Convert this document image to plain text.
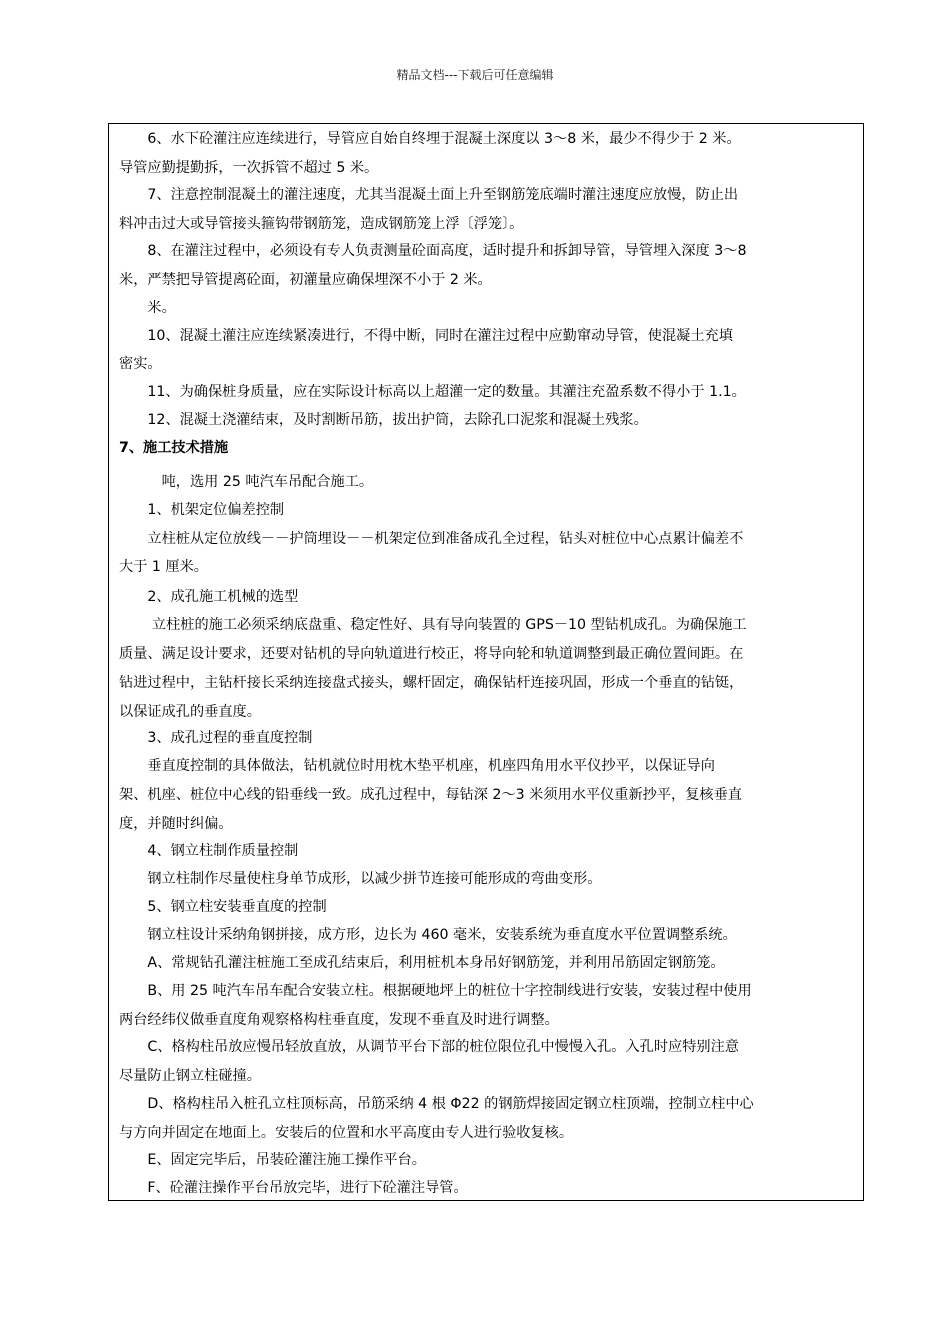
精品文档---下载后可任意编辑
　　6、水下砼灌注应连续进行，导管应自始自终埋于混凝土深度以 3～8 米，最少不得少于 2 米。
导管应勤提勤拆，一次拆管不超过 5 米。
　　7、注意控制混凝土的灌注速度，尤其当混凝土面上升至钢筋笼底端时灌注速度应放慢，防止出
料冲击过大或导管接头箍钩带钢筋笼，造成钢筋笼上浮〔浮笼〕。
　　8、在灌注过程中，必须设有专人负责测量砼面高度，适时提升和拆卸导管，导管埋入深度 3～8
米，严禁把导管提离砼面，初灌量应确保埋深不小于 2 米。
　　米。
　　10、混凝土灌注应连续紧凑进行，不得中断，同时在灌注过程中应勤窜动导管，使混凝土充填
密实。
　　11、为确保桩身质量，应在实际设计标高以上超灌一定的数量。其灌注充盈系数不得小于 1.1。
　　12、混凝土浇灌结束，及时割断吊筋，拔出护筒，去除孔口泥浆和混凝土残浆。
7、施工技术措施
　　　吨，选用 25 吨汽车吊配合施工。
　　1、机架定位偏差控制
　　立柱桩从定位放线－－护筒埋设－－机架定位到准备成孔全过程，钻头对桩位中心点累计偏差不
大于 1 厘米。
　　2、成孔施工机械的选型
　　 立柱桩的施工必须采纳底盘重、稳定性好、具有导向装置的 GPS－10 型钻机成孔。为确保施工
质量、满足设计要求，还要对钻机的导向轨道进行校正，将导向轮和轨道调整到最正确位置间距。在
钻进过程中，主钻杆接长采纳连接盘式接头，螺杆固定，确保钻杆连接巩固，形成一个垂直的钻铤，
以保证成孔的垂直度。
　　3、成孔过程的垂直度控制
　　垂直度控制的具体做法，钻机就位时用枕木垫平机座，机座四角用水平仪抄平，以保证导向
架、机座、桩位中心线的铅垂线一致。成孔过程中，每钻深 2～3 米须用水平仪重新抄平，复核垂直
度，并随时纠偏。
　　4、钢立柱制作质量控制
　　钢立柱制作尽量使柱身单节成形，以减少拼节连接可能形成的弯曲变形。
　　5、钢立柱安装垂直度的控制
　　钢立柱设计采纳角钢拼接，成方形，边长为 460 毫米，安装系统为垂直度水平位置调整系统。
　　A、常规钻孔灌注桩施工至成孔结束后，利用桩机本身吊好钢筋笼，并利用吊筋固定钢筋笼。
　　B、用 25 吨汽车吊车配合安装立柱。根据硬地坪上的桩位十字控制线进行安装，安装过程中使用
两台经纬仪做垂直度角观察格构柱垂直度，发现不垂直及时进行调整。
　　C、格构柱吊放应慢吊轻放直放，从调节平台下部的桩位限位孔中慢慢入孔。入孔时应特别注意
尽量防止钢立柱碰撞。
　　D、格构柱吊入桩孔立柱顶标高，吊筋采纳 4 根 Φ22 的钢筋焊接固定钢立柱顶端，控制立柱中心
与方向并固定在地面上。安装后的位置和水平高度由专人进行验收复核。
　　E、固定完毕后，吊装砼灌注施工操作平台。
　　F、砼灌注操作平台吊放完毕，进行下砼灌注导管。
